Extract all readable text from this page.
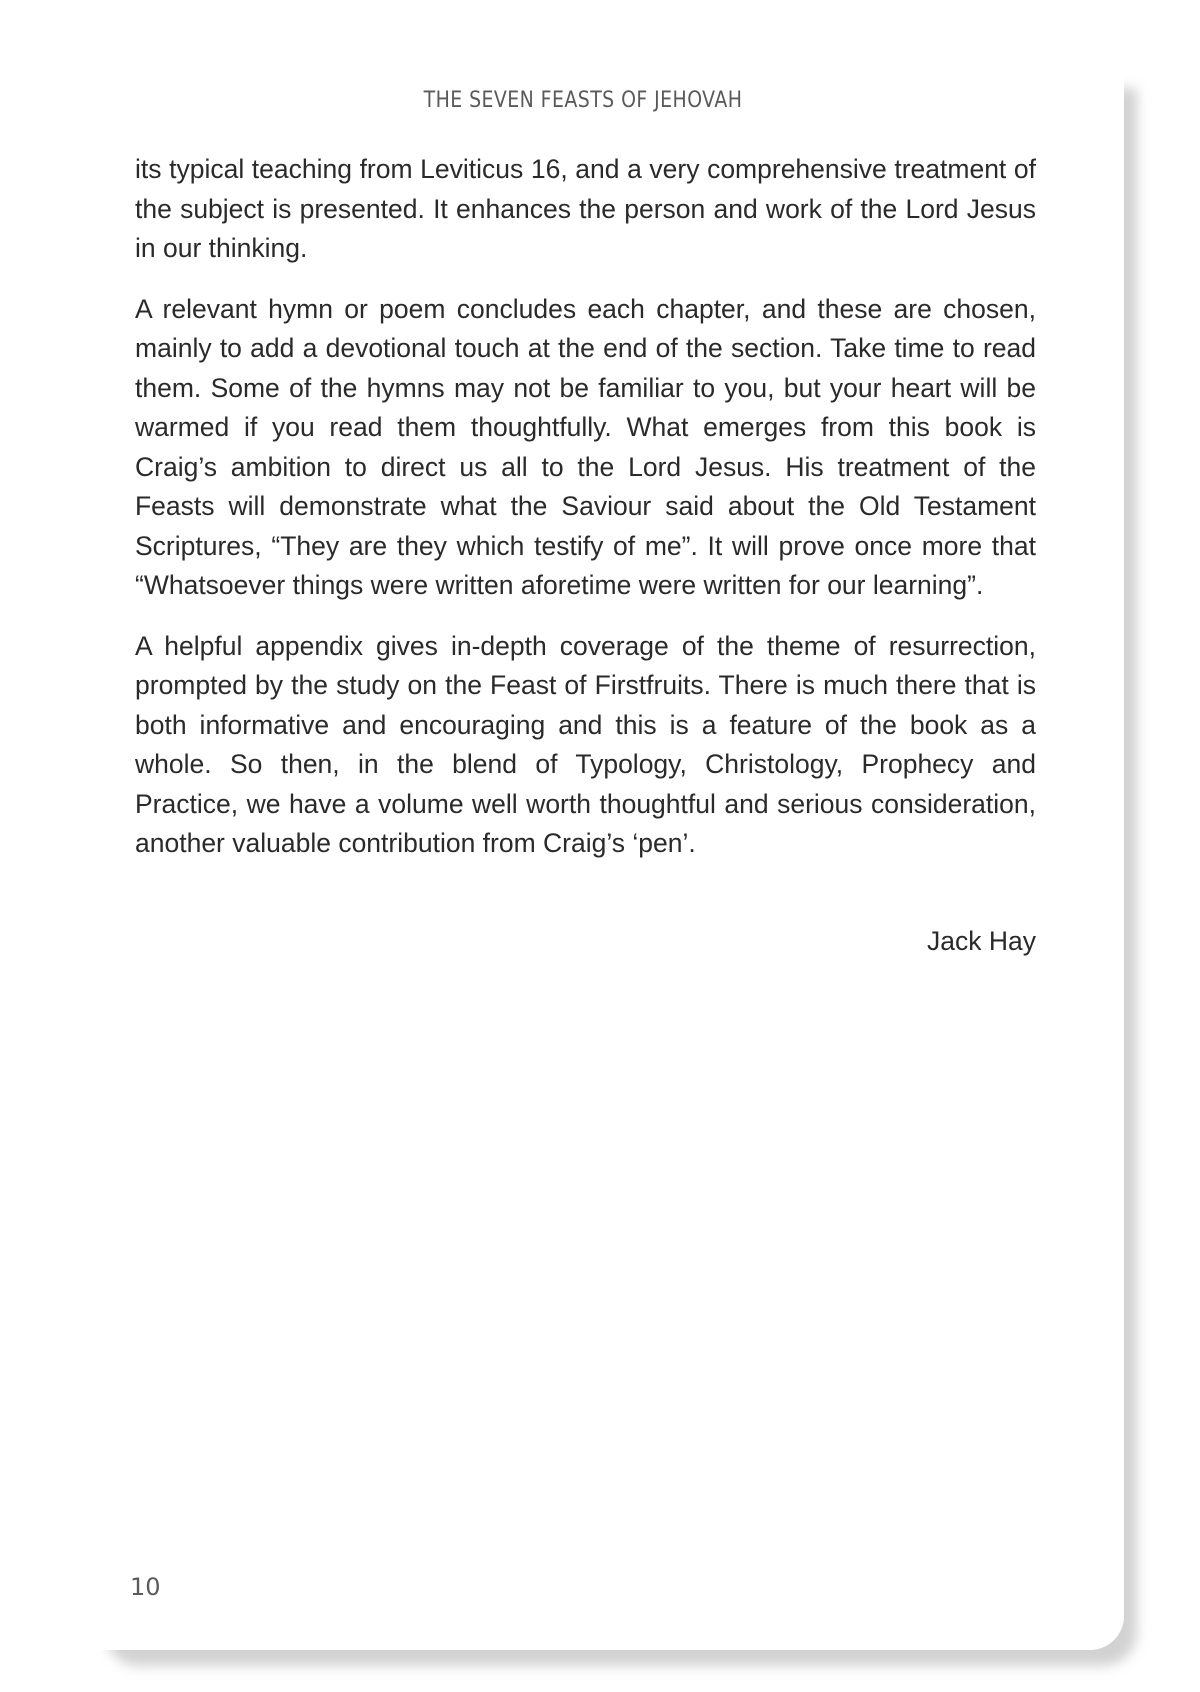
THE SEVEN FEASTS OF JEHOVAH

its typical teaching from Leviticus 16, and a very comprehensive treatment of the subject is presented. It enhances the person and work of the Lord Jesus in our thinking.

A relevant hymn or poem concludes each chapter, and these are chosen, mainly to add a devotional touch at the end of the section. Take time to read them. Some of the hymns may not be familiar to you, but your heart will be warmed if you read them thoughtfully. What emerges from this book is Craig’s ambition to direct us all to the Lord Jesus. His treatment of the Feasts will demonstrate what the Saviour said about the Old Testament Scriptures, “They are they which testify of me”. It will prove once more that “Whatsoever things were written aforetime were written for our learning”.

A helpful appendix gives in-depth coverage of the theme of resurrection, prompted by the study on the Feast of Firstfruits. There is much there that is both informative and encouraging and this is a feature of the book as a whole. So then, in the blend of Typology, Christology, Prophecy and Practice, we have a volume well worth thoughtful and serious consideration, another valuable contribution from Craig’s ‘pen’.

Jack Hay
10
